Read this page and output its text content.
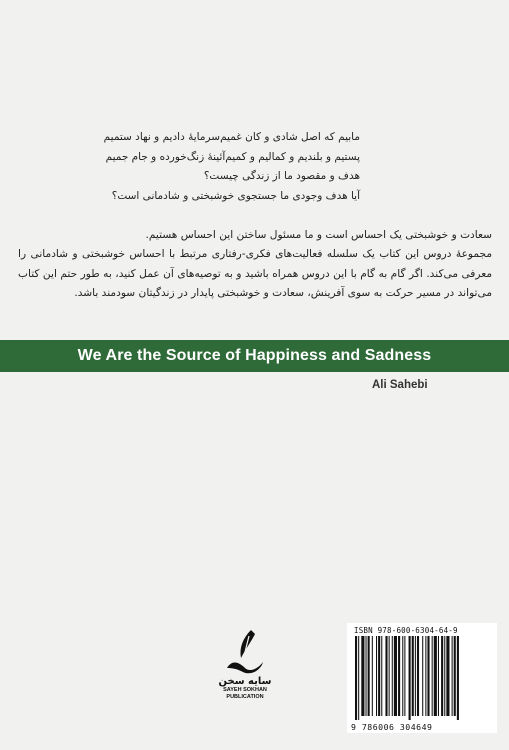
مابیم که اصل شادی و کان غمیم
سرمایهٔ دادیم و نهاد ستمیم
پستیم و بلندیم و کمالیم و کمیم
آئینهٔ زنگ‌خورده و جام جمیم
هدف و مقصود ما از زندگی چیست؟
آیا هدف وجودی ما جستجوی خوشبختی و شادمانی است؟

سعادت و خوشبختی یک احساس است و ما مسئول ساختن این احساس هستیم.

مجموعهٔ دروس این کتاب یک سلسله فعالیت‌های فکری-رفتاری مرتبط با احساس خوشبختی و شادمانی را معرفی می‌کند. اگر گام به گام با این دروس همراه باشید و به توصیه‌های آن عمل کنید، به طور حتم این کتاب می‌تواند در مسیر حرکت به سوی آفرینش، سعادت و خوشبختی پایدار در زندگیتان سودمند باشد.

We Are the Source of Happiness and Sadness
Ali Sahebi
سایه سخن
SAYEH SOKHAN
PUBLICATION
ISBN 978-600-6304-64-9
9 786006 304649
